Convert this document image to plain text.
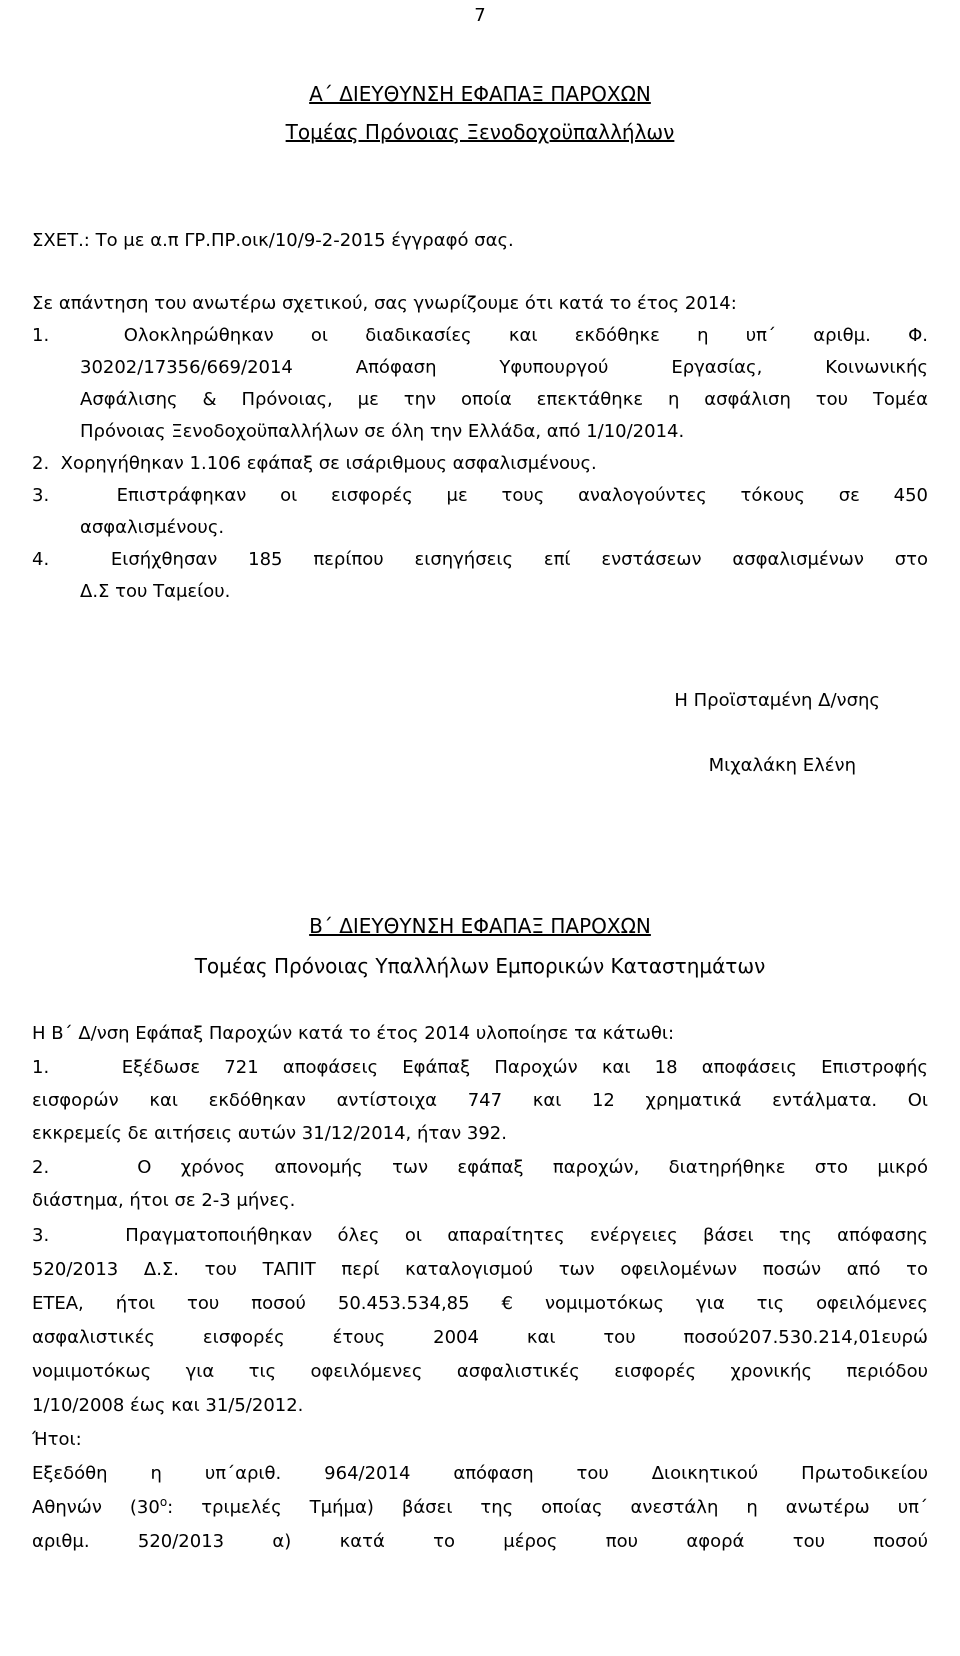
7
Α΄ ΔΙΕΥΘΥΝΣΗ ΕΦΑΠΑΞ ΠΑΡΟΧΩΝ
Τομέας Πρόνοιας Ξενοδοχοϋπαλλήλων
ΣΧΕΤ.: Το με α.π ΓΡ.ΠΡ.οικ/10/9-2-2015 έγγραφό σας.
Σε απάντηση του ανωτέρω σχετικού, σας γνωρίζουμε ότι κατά το έτος 2014:
1.  Ολοκληρώθηκαν οι διαδικασίες και εκδόθηκε η υπ΄ αριθμ. Φ.
30202/17356/669/2014 Απόφαση Υφυπουργού Εργασίας, Κοινωνικής
Ασφάλισης & Πρόνοιας, με την οποία επεκτάθηκε η ασφάλιση του Τομέα
Πρόνοιας Ξενοδοχοϋπαλλήλων σε όλη την Ελλάδα, από 1/10/2014.
2.  Χορηγήθηκαν 1.106 εφάπαξ σε ισάριθμους ασφαλισμένους.
3.  Επιστράφηκαν οι εισφορές με τους αναλογούντες τόκους σε 450
ασφαλισμένους.
4.  Εισήχθησαν 185 περίπου εισηγήσεις επί ενστάσεων ασφαλισμένων στο
Δ.Σ του Ταμείου.
Η Προϊσταμένη Δ/νσης
Μιχαλάκη Ελένη
Β΄ ΔΙΕΥΘΥΝΣΗ ΕΦΑΠΑΞ ΠΑΡΟΧΩΝ
Τομέας Πρόνοιας Υπαλλήλων Εμπορικών Καταστημάτων
Η Β΄ Δ/νση Εφάπαξ Παροχών κατά το έτος 2014 υλοποίησε τα κάτωθι:
1.   Εξέδωσε 721 αποφάσεις Εφάπαξ Παροχών και 18 αποφάσεις Επιστροφής
εισφορών και εκδόθηκαν αντίστοιχα 747 και 12 χρηματικά εντάλματα. Οι
εκκρεμείς δε αιτήσεις αυτών 31/12/2014, ήταν 392.
2.   Ο χρόνος απονομής των εφάπαξ παροχών, διατηρήθηκε στο μικρό
διάστημα, ήτοι σε 2-3 μήνες.
3.   Πραγματοποιήθηκαν όλες οι απαραίτητες ενέργειες βάσει της απόφασης
520/2013 Δ.Σ. του ΤΑΠΙΤ περί καταλογισμού των οφειλομένων ποσών από το
ΕΤΕΑ, ήτοι του ποσού 50.453.534,85 € νομιμοτόκως για τις οφειλόμενες
ασφαλιστικές εισφορές έτους 2004 και του ποσού207.530.214,01ευρώ
νομιμοτόκως για τις οφειλόμενες ασφαλιστικές εισφορές χρονικής περιόδου
1/10/2008 έως και 31/5/2012.
Ήτοι:
Εξεδόθη η υπ΄αριθ. 964/2014 απόφαση του Διοικητικού Πρωτοδικείου
Αθηνών ($30^o$: τριμελές Τμήμα) βάσει της οποίας ανεστάλη η ανωτέρω υπ΄
αριθμ. 520/2013 α) κατά το μέρος που αφορά του ποσού
